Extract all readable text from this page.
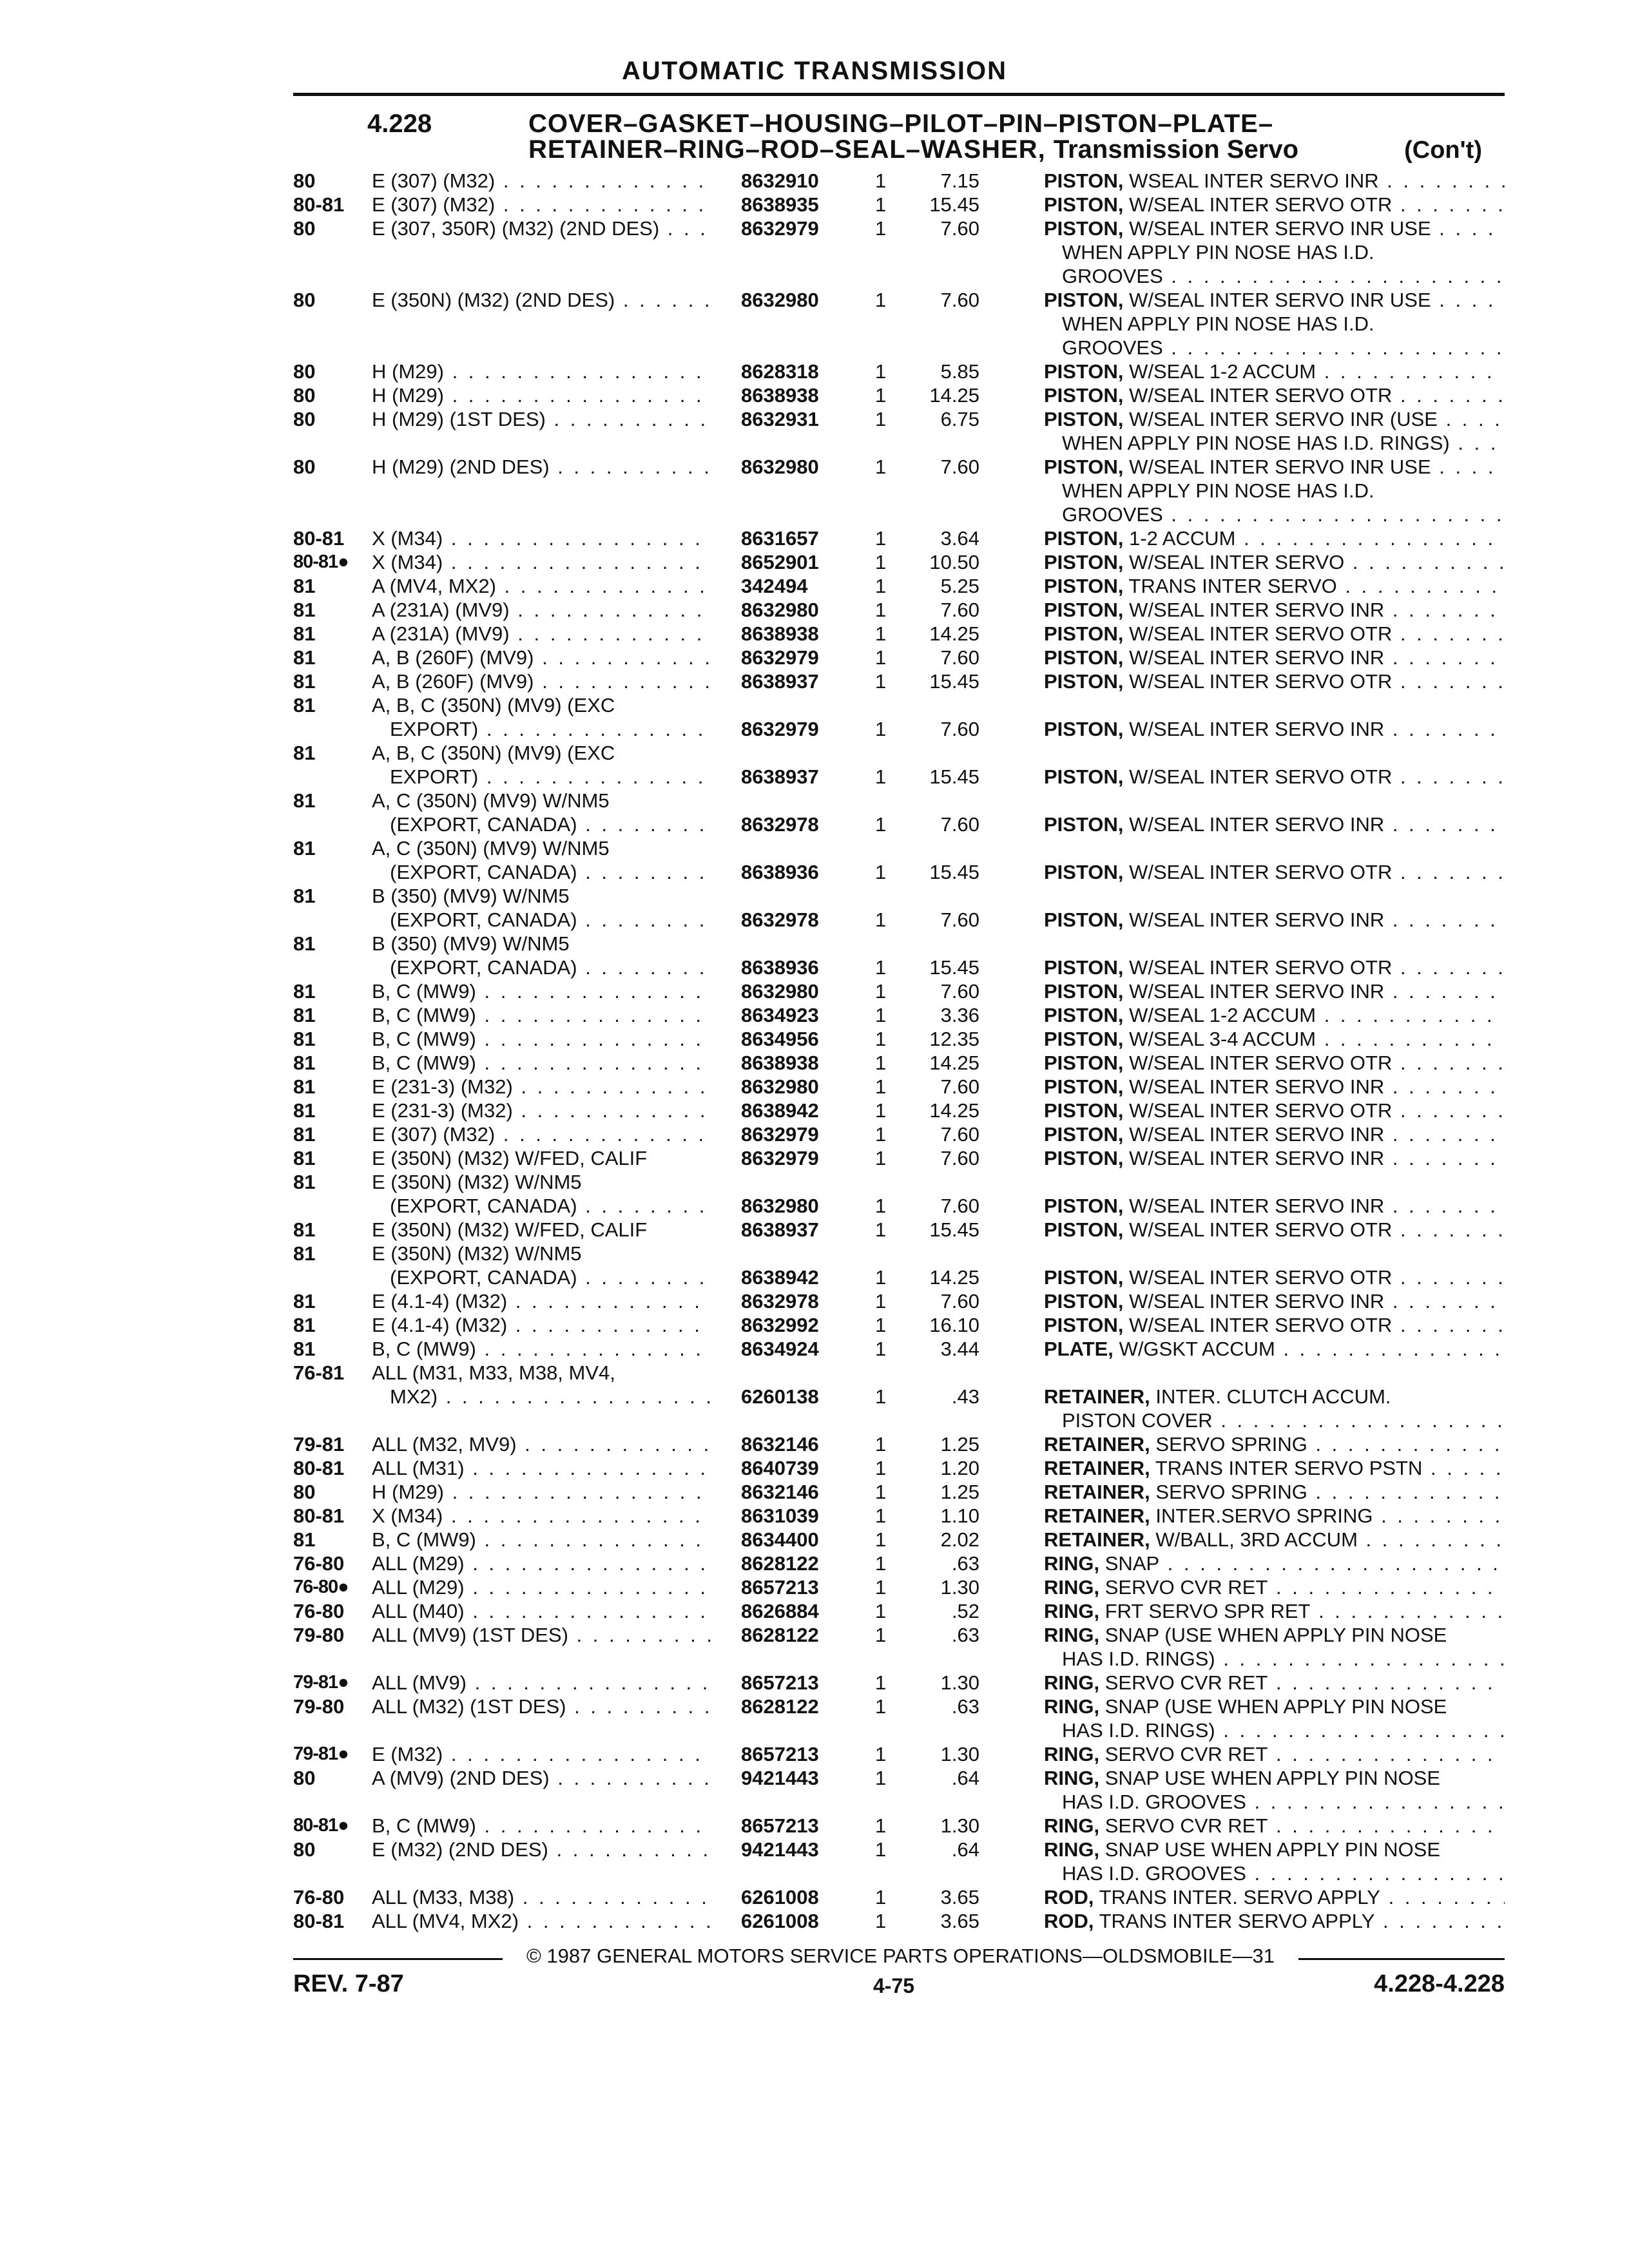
AUTOMATIC TRANSMISSION
4.228	COVER–GASKET–HOUSING–PILOT–PIN–PISTON–PLATE–
RETAINER–RING–ROD–SEAL–WASHER, Transmission Servo	(Con't)
80	E (307) (M32) . . .	8632910	1	7.15	PISTON, WSEAL INTER SERVO INR . . .
80-81 E (307) (M32) . . .	8638935	1	15.45	PISTON, W/SEAL INTER SERVO OTR . . .
80	E (307, 350R) (M32) (2ND DES) . . .	8632979	1	7.60	PISTON, W/SEAL INTER SERVO INR USE . . .
WHEN APPLY PIN NOSE HAS I.D.
GROOVES . . .
80	E (350N) (M32) (2ND DES) . . .	8632980	1	7.60	PISTON, W/SEAL INTER SERVO INR USE . . .
WHEN APPLY PIN NOSE HAS I.D.
GROOVES . . .
80	H (M29) . . .	8628318	1	5.85	PISTON, W/SEAL 1-2 ACCUM . . .
80	H (M29) . . .	8638938	1	14.25	PISTON, W/SEAL INTER SERVO OTR . . .
80	H (M29) (1ST DES) . . .	8632931	1	6.75	PISTON, W/SEAL INTER SERVO INR (USE . . .
WHEN APPLY PIN NOSE HAS I.D. RINGS) . . .
80	H (M29) (2ND DES) . . .	8632980	1	7.60	PISTON, W/SEAL INTER SERVO INR USE . . .
WHEN APPLY PIN NOSE HAS I.D.
GROOVES . . .
80-81 X (M34) . . .	8631657	1	3.64	PISTON, 1-2 ACCUM . . .
80-81● X (M34) . . .	8652901	1	10.50	PISTON, W/SEAL INTER SERVO . . .
81	A (MV4, MX2) . . .	342494	1	5.25	PISTON, TRANS INTER SERVO . . .
81	A (231A) (MV9) . . .	8632980	1	7.60	PISTON, W/SEAL INTER SERVO INR . . .
81	A (231A) (MV9) . . .	8638938	1	14.25	PISTON, W/SEAL INTER SERVO OTR . . .
81	A, B (260F) (MV9) . . .	8632979	1	7.60	PISTON, W/SEAL INTER SERVO INR . . .
81	A, B (260F) (MV9) . . .	8638937	1	15.45	PISTON, W/SEAL INTER SERVO OTR . . .
81	A, B, C (350N) (MV9) (EXC
EXPORT) . . .	8632979	1	7.60	PISTON, W/SEAL INTER SERVO INR . . .
81	A, B, C (350N) (MV9) (EXC
EXPORT) . . .	8638937	1	15.45	PISTON, W/SEAL INTER SERVO OTR . . .
81	A, C (350N) (MV9) W/NM5
(EXPORT, CANADA) . . .	8632978	1	7.60	PISTON, W/SEAL INTER SERVO INR . . .
81	A, C (350N) (MV9) W/NM5
(EXPORT, CANADA) . . .	8638936	1	15.45	PISTON, W/SEAL INTER SERVO OTR . . .
81	B (350) (MV9) W/NM5
(EXPORT, CANADA) . . .	8632978	1	7.60	PISTON, W/SEAL INTER SERVO INR . . .
81	B (350) (MV9) W/NM5
(EXPORT, CANADA) . . .	8638936	1	15.45	PISTON, W/SEAL INTER SERVO OTR . . .
81	B, C (MW9) . . .	8632980	1	7.60	PISTON, W/SEAL INTER SERVO INR . . .
81	B, C (MW9) . . .	8634923	1	3.36	PISTON, W/SEAL 1-2 ACCUM . . .
81	B, C (MW9) . . .	8634956	1	12.35	PISTON, W/SEAL 3-4 ACCUM . . .
81	B, C (MW9) . . .	8638938	1	14.25	PISTON, W/SEAL INTER SERVO OTR . . .
81	E (231-3) (M32) . . .	8632980	1	7.60	PISTON, W/SEAL INTER SERVO INR . . .
81	E (231-3) (M32) . . .	8638942	1	14.25	PISTON, W/SEAL INTER SERVO OTR . . .
81	E (307) (M32) . . .	8632979	1	7.60	PISTON, W/SEAL INTER SERVO INR . . .
81	E (350N) (M32) W/FED, CALIF	8632979	1	7.60	PISTON, W/SEAL INTER SERVO INR . . .
81	E (350N) (M32) W/NM5
(EXPORT, CANADA) . . .	8632980	1	7.60	PISTON, W/SEAL INTER SERVO INR . . .
81	E (350N) (M32) W/FED, CALIF	8638937	1	15.45	PISTON, W/SEAL INTER SERVO OTR . . .
81	E (350N) (M32) W/NM5
(EXPORT, CANADA) . . .	8638942	1	14.25	PISTON, W/SEAL INTER SERVO OTR . . .
81	E (4.1-4) (M32) . . .	8632978	1	7.60	PISTON, W/SEAL INTER SERVO INR . . .
81	E (4.1-4) (M32) . . .	8632992	1	16.10	PISTON, W/SEAL INTER SERVO OTR . . .
81	B, C (MW9) . . .	8634924	1	3.44	PLATE, W/GSKT ACCUM . . .
76-81 ALL (M31, M33, M38, MV4,
MX2) . . .	6260138	1	.43	RETAINER, INTER. CLUTCH ACCUM.
PISTON COVER . . .
79-81 ALL (M32, MV9) . . .	8632146	1	1.25	RETAINER, SERVO SPRING . . .
80-81 ALL (M31) . . .	8640739	1	1.20	RETAINER, TRANS INTER SERVO PSTN . . .
80	H (M29) . . .	8632146	1	1.25	RETAINER, SERVO SPRING . . .
80-81 X (M34) . . .	8631039	1	1.10	RETAINER, INTER.SERVO SPRING . . .
81	B, C (MW9) . . .	8634400	1	2.02	RETAINER, W/BALL, 3RD ACCUM . . .
76-80 ALL (M29) . . .	8628122	1	.63	RING, SNAP . . .
76-80● ALL (M29) . . .	8657213	1	1.30	RING, SERVO CVR RET . . .
76-80 ALL (M40) . . .	8626884	1	.52	RING, FRT SERVO SPR RET . . .
79-80 ALL (MV9) (1ST DES) . . .	8628122	1	.63	RING, SNAP (USE WHEN APPLY PIN NOSE
HAS I.D. RINGS) . . .
79-81● ALL (MV9) . . .	8657213	1	1.30	RING, SERVO CVR RET . . .
79-80 ALL (M32) (1ST DES) . . .	8628122	1	.63	RING, SNAP (USE WHEN APPLY PIN NOSE
HAS I.D. RINGS) . . .
79-81● E (M32) . . .	8657213	1	1.30	RING, SERVO CVR RET . . .
80	A (MV9) (2ND DES) . . .	9421443	1	.64	RING, SNAP USE WHEN APPLY PIN NOSE
HAS I.D. GROOVES . . .
80-81● B, C (MW9) . . .	8657213	1	1.30	RING, SERVO CVR RET . . .
80	E (M32) (2ND DES) . . .	9421443	1	.64	RING, SNAP USE WHEN APPLY PIN NOSE
HAS I.D. GROOVES . . .
76-80 ALL (M33, M38) . . .	6261008	1	3.65	ROD, TRANS INTER. SERVO APPLY . . .
80-81 ALL (MV4, MX2) . . .	6261008	1	3.65	ROD, TRANS INTER SERVO APPLY . . .
© 1987 GENERAL MOTORS SERVICE PARTS OPERATIONS—OLDSMOBILE—31
REV. 7-87	4-75	4.228-4.228
